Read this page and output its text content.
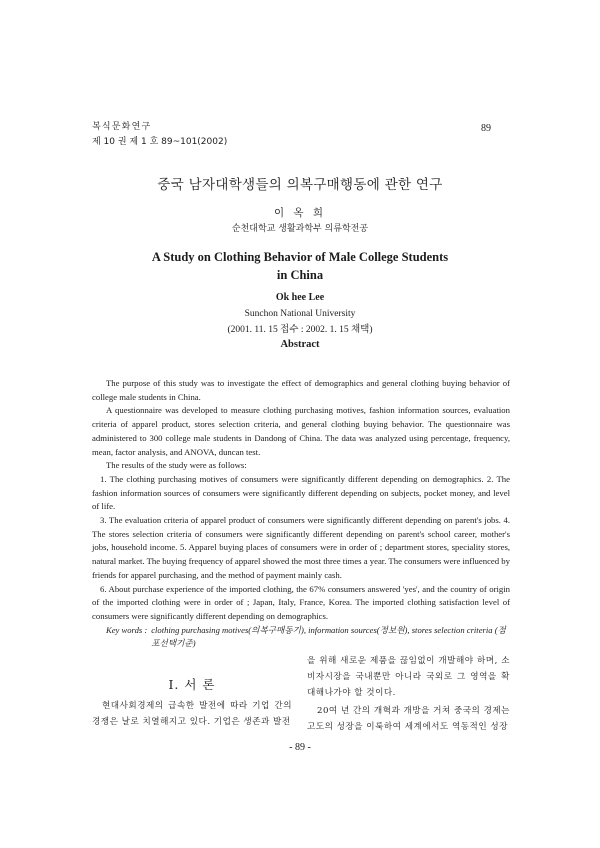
복식문화연구
제 10 권 제 1 호 89~101(2002)
89
중국 남자대학생들의 의복구매행동에 관한 연구
이 옥 희
순천대학교 생활과학부 의류학전공
A Study on Clothing Behavior of Male College Students
in China
Ok hee Lee
Sunchon National University
(2001. 11. 15 접수 : 2002. 1. 15 채택)
Abstract

The purpose of this study was to investigate the effect of demographics and general clothing buying behavior of college male students in China.

A questionnaire was developed to measure clothing purchasing motives, fashion information sources, evaluation criteria of apparel product, stores selection criteria, and general clothing buying behavior. The questionnaire was administered to 300 college male students in Dandong of China. The data was analyzed using percentage, frequency, mean, factor analysis, and ANOVA, duncan test.

The results of the study were as follows:

1. The clothing purchasing motives of consumers were significantly different depending on demographics. 2. The fashion information sources of consumers were significantly different depending on subjects, pocket money, and level of life.

3. The evaluation criteria of apparel product of consumers were significantly different depending on parent's jobs. 4. The stores selection criteria of consumers were significantly different depending on parent's school career, mother's jobs, household income. 5. Apparel buying places of consumers were in order of ; department stores, speciality stores, natural market. The buying frequency of apparel showed the most three times a year. The consumers were influenced by friends for apparel purchasing, and the method of payment mainly cash.

6. About purchase experience of the imported clothing, the 67% consumers answered 'yes', and the country of origin of the imported clothing were in order of ; Japan, Italy, France, Korea. The imported clothing satisfaction level of consumers were significantly different depending on demographics.

Key words : clothing purchasing motives(의복구매동기), information sources(정보원), stores selection criteria (점포선택기준)
Ⅰ. 서 론

현대사회경제의 급속한 발전에 따라 기업 간의 경쟁은 날로 치열해지고 있다. 기업은 생존과 발전

을 위해 새로운 제품을 끊임없이 개발해야 하며, 소비자시장을 국내뿐만 아니라 국외로 그 영역을 확대해나가야 할 것이다.

20여 년 간의 개혁과 개방을 거쳐 중국의 경제는 고도의 성장을 이룩하여 세계에서도 역동적인 성장

- 89 -
